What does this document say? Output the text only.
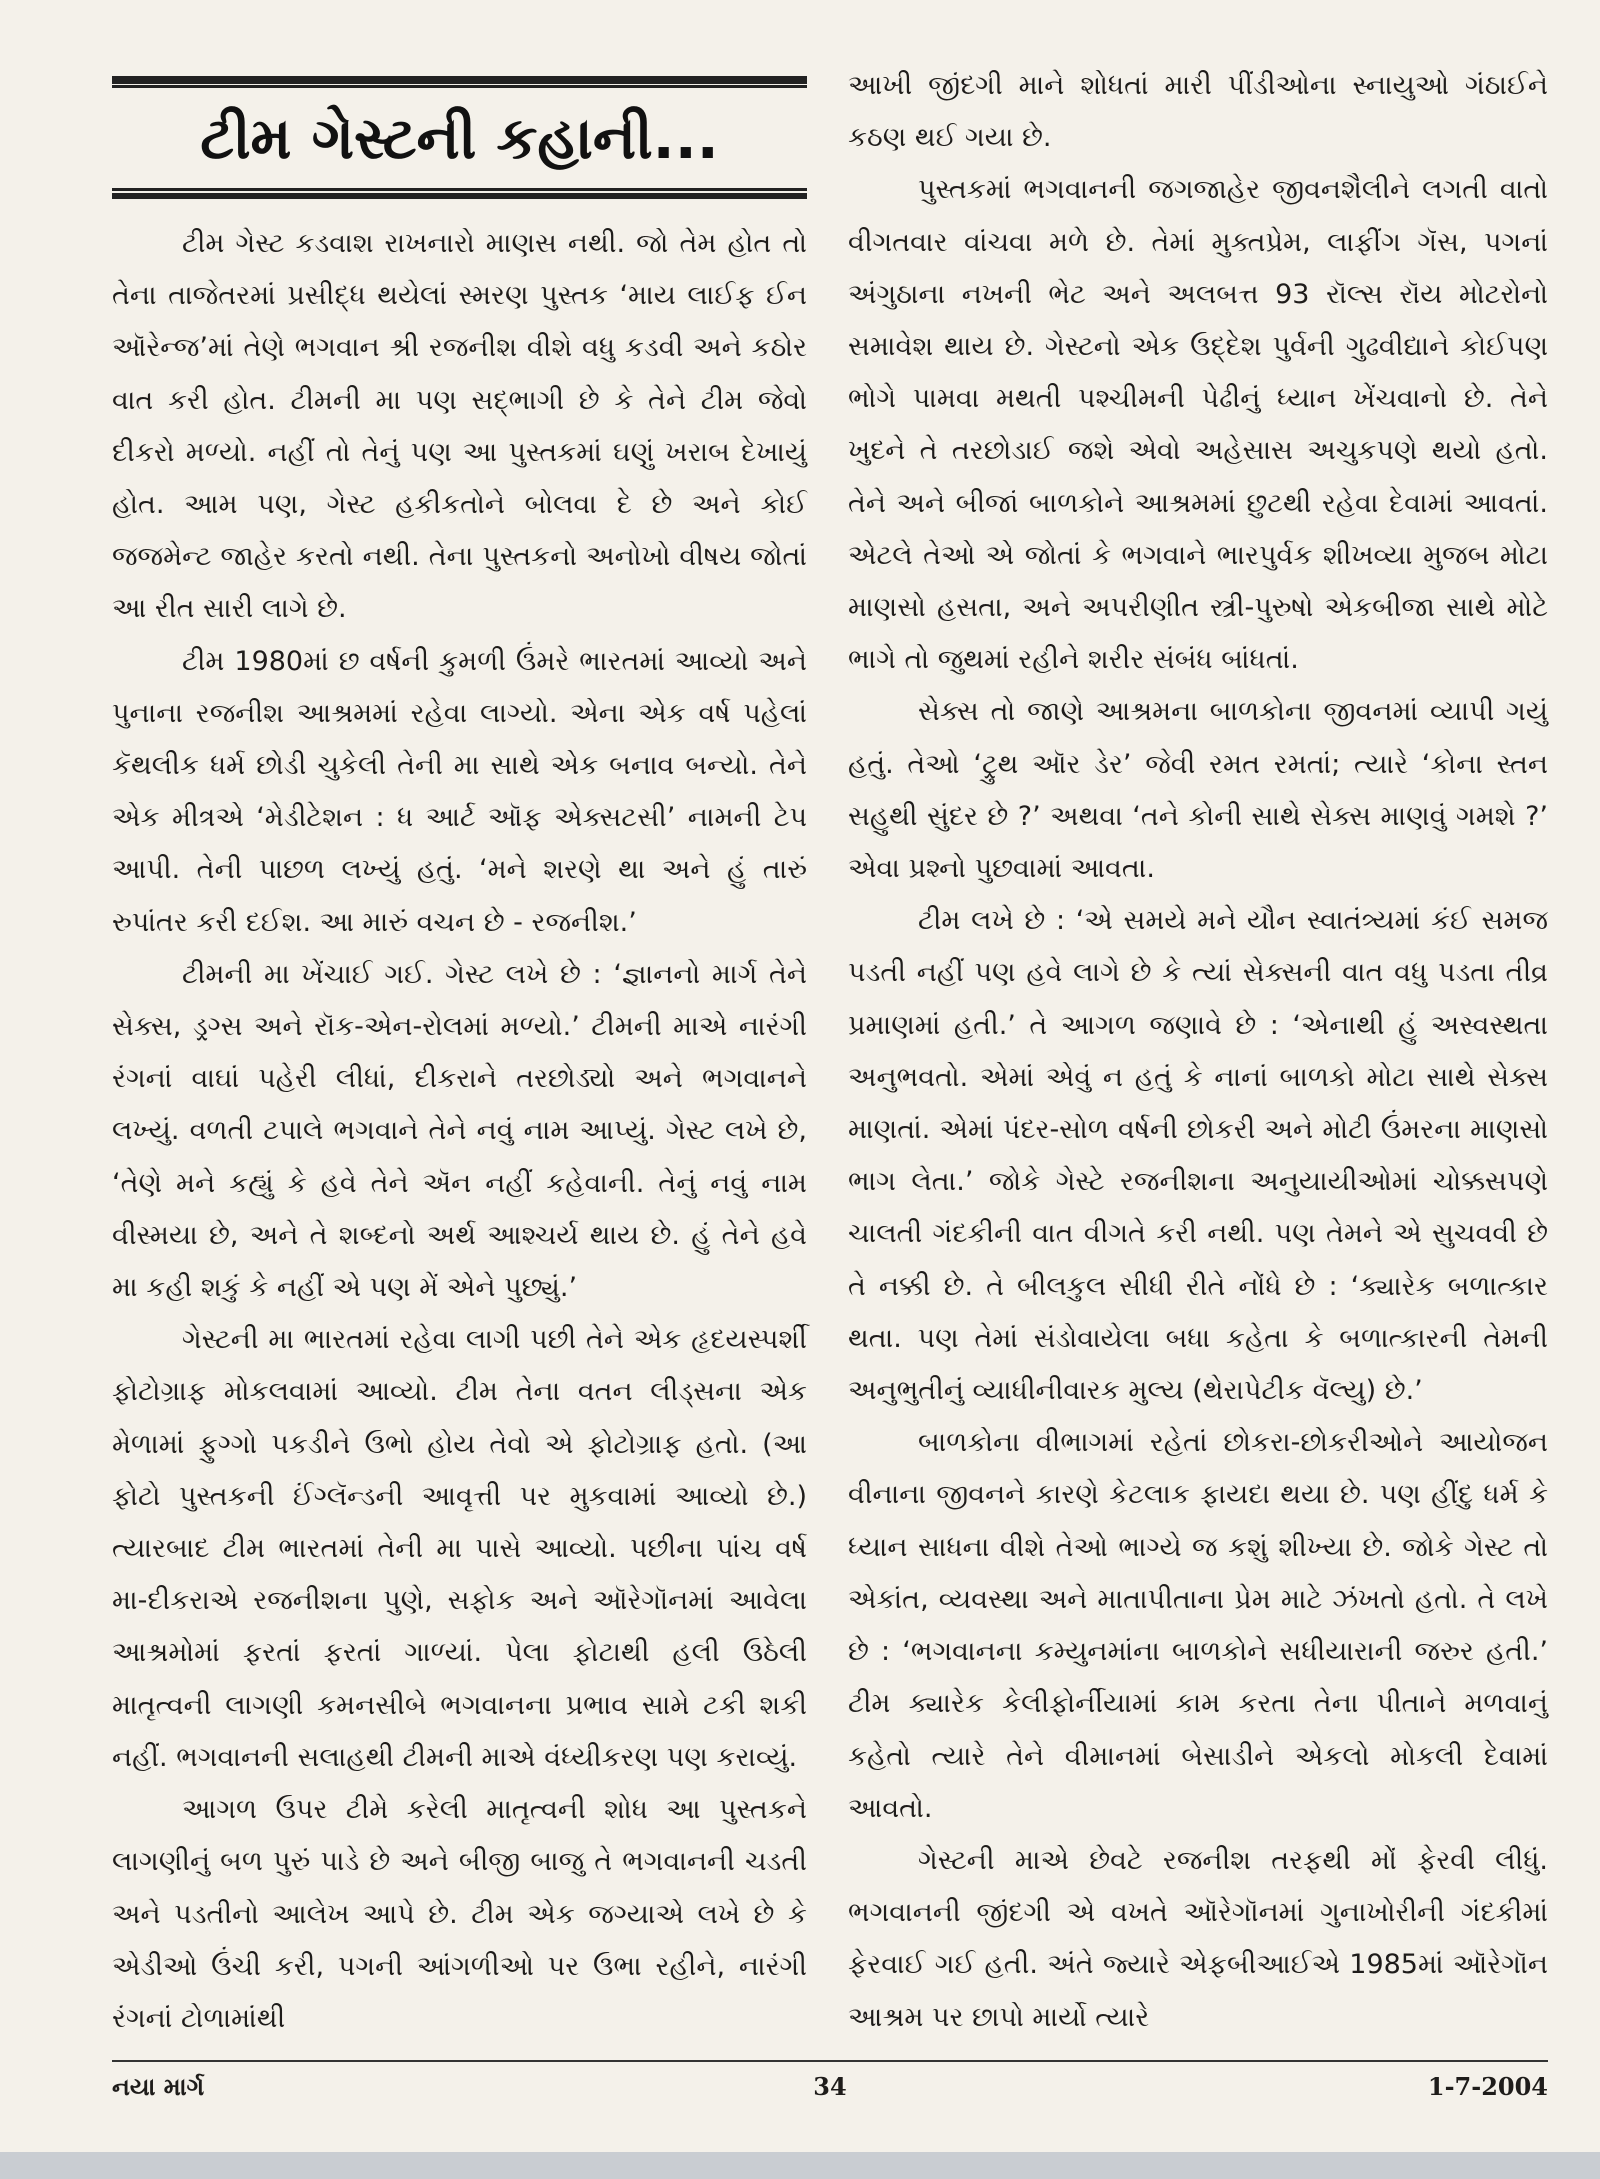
ટીમ ગેસ્ટની કહાની...

ટીમ ગેસ્ટ કડવાશ રાખનારો માણસ નથી. જો તેમ હોત તો તેના તાજેતરમાં પ્રસીદ્ધ થયેલાં સ્મરણ પુસ્તક ‘માય લાઈફ ઈન ઑરેન્જ’માં તેણે ભગવાન શ્રી રજનીશ વીશે વધુ કડવી અને કઠોર વાત કરી હોત. ટીમની મા પણ સદ્ભાગી છે કે તેને ટીમ જેવો દીકરો મળ્યો. નહીં તો તેનું પણ આ પુસ્તકમાં ઘણું ખરાબ દેખાયું હોત. આમ પણ, ગેસ્ટ હકીકતોને બોલવા દે છે અને કોઈ જજમેન્ટ જાહેર કરતો નથી. તેના પુસ્તકનો અનોખો વીષય જોતાં આ રીત સારી લાગે છે.

ટીમ 1980માં છ વર્ષની કુમળી ઉંમરે ભારતમાં આવ્યો અને પુનાના રજનીશ આશ્રમમાં રહેવા લાગ્યો. એના એક વર્ષ પહેલાં કૅથલીક ધર્મ છોડી ચુકેલી તેની મા સાથે એક બનાવ બન્યો. તેને એક મીત્રએ ‘મેડીટેશન : ધ આર્ટ ઑફ એક્સટસી’ નામની ટેપ આપી. તેની પાછળ લખ્યું હતું. ‘મને શરણે થા અને હું તારું રુપાંતર કરી દઈશ. આ મારું વચન છે - રજનીશ.’

ટીમની મા ખેંચાઈ ગઈ. ગેસ્ટ લખે છે : ‘જ્ઞાનનો માર્ગ તેને સેક્સ, ડ્રગ્સ અને રૉક-એન-રોલમાં મળ્યો.’ ટીમની માએ નારંગી રંગનાં વાઘાં પહેરી લીધાં, દીકરાને તરછોડ્યો અને ભગવાનને લખ્યું. વળતી ટપાલે ભગવાને તેને નવું નામ આપ્યું. ગેસ્ટ લખે છે, ‘તેણે મને કહ્યું કે હવે તેને ઍન નહીં કહેવાની. તેનું નવું નામ વીસ્મયા છે, અને તે શબ્દનો અર્થ આશ્ચર્ય થાય છે. હું તેને હવે મા કહી શકું કે નહીં એ પણ મેં એને પુછ્યું.’

ગેસ્ટની મા ભારતમાં રહેવા લાગી પછી તેને એક હૃદયસ્પર્શી ફોટોગ્રાફ મોકલવામાં આવ્યો. ટીમ તેના વતન લીડ્સના એક મેળામાં ફુગ્ગો પકડીને ઉભો હોય તેવો એ ફોટોગ્રાફ હતો. (આ ફોટો પુસ્તકની ઈંગ્લૅન્ડની આવૃત્તી પર મુકવામાં આવ્યો છે.) ત્યારબાદ ટીમ ભારતમાં તેની મા પાસે આવ્યો. પછીના પાંચ વર્ષ મા-દીકરાએ રજનીશના પુણે, સફોક અને ઑરેગૉનમાં આવેલા આશ્રમોમાં ફરતાં ફરતાં ગાળ્યાં. પેલા ફોટાથી હલી ઉઠેલી માતૃત્વની લાગણી કમનસીબે ભગવાનના પ્રભાવ સામે ટકી શકી નહીં. ભગવાનની સલાહથી ટીમની માએ વંધ્યીકરણ પણ કરાવ્યું.

આગળ ઉપર ટીમે કરેલી માતૃત્વની શોધ આ પુસ્તકને લાગણીનું બળ પુરું પાડે છે અને બીજી બાજુ તે ભગવાનની ચડતી અને પડતીનો આલેખ આપે છે. ટીમ એક જગ્યાએ લખે છે કે એડીઓ ઉંચી કરી, પગની આંગળીઓ પર ઉભા રહીને, નારંગી રંગનાં ટોળામાંથી

આખી જીંદગી માને શોધતાં મારી પીંડીઓના સ્નાયુઓ ગંઠાઈને કઠણ થઈ ગયા છે.

પુસ્તકમાં ભગવાનની જગજાહેર જીવનશૈલીને લગતી વાતો વીગતવાર વાંચવા મળે છે. તેમાં મુક્તપ્રેમ, લાફીંગ ગૅસ, પગનાં અંગુઠાના નખની ભેટ અને અલબત્ત 93 રૉલ્સ રૉય મોટરોનો સમાવેશ થાય છે. ગેસ્ટનો એક ઉદ્દેશ પુર્વની ગુઢવીદ્યાને કોઈપણ ભોગે પામવા મથતી પશ્ચીમની પેઢીનું ધ્યાન ખેંચવાનો છે. તેને ખુદને તે તરછોડાઈ જશે એવો અહેસાસ અચુકપણે થયો હતો. તેને અને બીજાં બાળકોને આશ્રમમાં છુટથી રહેવા દેવામાં આવતાં. એટલે તેઓ એ જોતાં કે ભગવાને ભારપુર્વક શીખવ્યા મુજબ મોટા માણસો હસતા, અને અપરીણીત સ્ત્રી-પુરુષો એકબીજા સાથે મોટે ભાગે તો જુથમાં રહીને શરીર સંબંધ બાંધતાં.

સેક્સ તો જાણે આશ્રમના બાળકોના જીવનમાં વ્યાપી ગયું હતું. તેઓ ‘ટ્રુથ ઑર ડેર’ જેવી રમત રમતાં; ત્યારે ‘કોના સ્તન સહુથી સુંદર છે ?’ અથવા ‘તને કોની સાથે સેક્સ માણવું ગમશે ?’ એવા પ્રશ્નો પુછવામાં આવતા.

ટીમ લખે છે : ‘એ સમયે મને યૌન સ્વાતંત્ર્યમાં કંઈ સમજ પડતી નહીં પણ હવે લાગે છે કે ત્યાં સેક્સની વાત વધુ પડતા તીવ્ર પ્રમાણમાં હતી.’ તે આગળ જણાવે છે : ‘એનાથી હું અસ્વસ્થતા અનુભવતો. એમાં એવું ન હતું કે નાનાં બાળકો મોટા સાથે સેક્સ માણતાં. એમાં પંદર-સોળ વર્ષની છોકરી અને મોટી ઉંમરના માણસો ભાગ લેતા.’ જોકે ગેસ્ટે રજનીશના અનુયાયીઓમાં ચોક્કસપણે ચાલતી ગંદકીની વાત વીગતે કરી નથી. પણ તેમને એ સુચવવી છે તે નક્કી છે. તે બીલકુલ સીધી રીતે નોંધે છે : ‘ક્યારેક બળાત્કાર થતા. પણ તેમાં સંડોવાયેલા બધા કહેતા કે બળાત્કારની તેમની અનુભુતીનું વ્યાધીનીવારક મુલ્ય (થેરાપેટીક વૅલ્યુ) છે.’

બાળકોના વીભાગમાં રહેતાં છોકરા-છોકરીઓને આયોજન વીનાના જીવનને કારણે કેટલાક ફાયદા થયા છે. પણ હીંદુ ધર્મ કે ધ્યાન સાધના વીશે તેઓ ભાગ્યે જ કશું શીખ્યા છે. જોકે ગેસ્ટ તો એકાંત, વ્યવસ્થા અને માતાપીતાના પ્રેમ માટે ઝંખતો હતો. તે લખે છે : ‘ભગવાનના કમ્યુનમાંના બાળકોને સધીયારાની જરુર હતી.’ ટીમ ક્યારેક કેલીફોર્નીયામાં કામ કરતા તેના પીતાને મળવાનું કહેતો ત્યારે તેને વીમાનમાં બેસાડીને એકલો મોકલી દેવામાં આવતો.

ગેસ્ટની માએ છેવટે રજનીશ તરફથી મોં ફેરવી લીધું. ભગવાનની જીંદગી એ વખતે ઑરેગૉનમાં ગુનાખોરીની ગંદકીમાં ફેરવાઈ ગઈ હતી. અંતે જ્યારે એફબીઆઈએ 1985માં ઑરેગૉન આશ્રમ પર છાપો માર્યો ત્યારે

નયા માર્ગ	34	1-7-2004
